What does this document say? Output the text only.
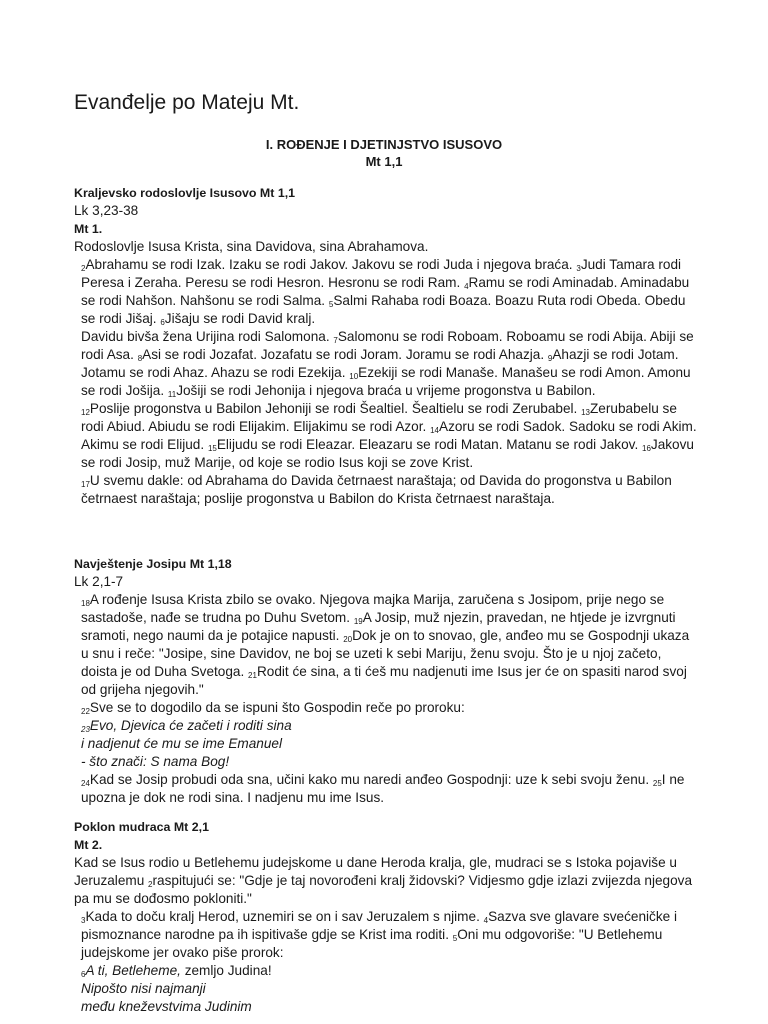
Evanđelje po Mateju Mt.
I. ROĐENJE I DJETINJSTVO ISUSOVO
Mt 1,1

Kraljevsko rodoslovlje Isusovo Mt 1,1

Lk 3,23-38

Mt 1.

Rodoslovlje Isusa Krista, sina Davidova, sina Abrahamova.

$_2$Abrahamu se rodi Izak. Izaku se rodi Jakov. Jakovu se rodi Juda i njegova braća. $_3$Judi Tamara rodi Peresa i Zeraha. Peresu se rodi Hesron. Hesronu se rodi Ram. $_4$Ramu se rodi Aminadab. Aminadabu se rodi Nahšon. Nahšonu se rodi Salma. $_5$Salmi Rahaba rodi Boaza. Boazu Ruta rodi Obeda. Obedu se rodi Jišaj. $_6$Jišaju se rodi David kralj.

Davidu bivša žena Urijina rodi Salomona. $_7$Salomonu se rodi Roboam. Roboamu se rodi Abija. Abiji se rodi Asa. $_8$Asi se rodi Jozafat. Jozafatu se rodi Joram. Joramu se rodi Ahazja. $_9$Ahazji se rodi Jotam. Jotamu se rodi Ahaz. Ahazu se rodi Ezekija. $_{10}$Ezekiji se rodi Manaše. Manašeu se rodi Amon. Amonu se rodi Jošija. $_{11}$Jošiji se rodi Jehonija i njegova braća u vrijeme progonstva u Babilon.

$_{12}$Poslije progonstva u Babilon Jehoniji se rodi Šealtiel. Šealtielu se rodi Zerubabel. $_{13}$Zerubabelu se rodi Abiud. Abiudu se rodi Elijakim. Elijakimu se rodi Azor. $_{14}$Azoru se rodi Sadok. Sadoku se rodi Akim. Akimu se rodi Elijud. $_{15}$Elijudu se rodi Eleazar. Eleazaru se rodi Matan. Matanu se rodi Jakov. $_{16}$Jakovu se rodi Josip, muž Marije, od koje se rodio Isus koji se zove Krist.

$_{17}$U svemu dakle: od Abrahama do Davida četrnaest naraštaja; od Davida do progonstva u Babilon četrnaest naraštaja; poslije progonstva u Babilon do Krista četrnaest naraštaja.

Navještenje Josipu Mt 1,18

Lk 2,1-7

$_{18}$A rođenje Isusa Krista zbilo se ovako. Njegova majka Marija, zaručena s Josipom, prije nego se sastadoše, nađe se trudna po Duhu Svetom. $_{19}$A Josip, muž njezin, pravedan, ne htjede je izvrgnuti sramoti, nego naumi da je potajice napusti. $_{20}$Dok je on to snovao, gle, anđeo mu se Gospodnji ukaza u snu i reče: "Josipe, sine Davidov, ne boj se uzeti k sebi Mariju, ženu svoju. Što je u njoj začeto, doista je od Duha Svetoga. $_{21}$Rodit će sina, a ti ćeš mu nadjenuti ime Isus jer će on spasiti narod svoj od grijeha njegovih."

$_{22}$Sve se to dogodilo da se ispuni što Gospodin reče po proroku:

$_{23}$Evo, Djevica će začeti i roditi sina

i nadjenut će mu se ime Emanuel

- što znači: S nama Bog!

$_{24}$Kad se Josip probudi oda sna, učini kako mu naredi anđeo Gospodnji: uze k sebi svoju ženu. $_{25}$I ne upozna je dok ne rodi sina. I nadjenu mu ime Isus.

Poklon mudraca Mt 2,1

Mt 2.

Kad se Isus rodio u Betlehemu judejskome u dane Heroda kralja, gle, mudraci se s Istoka pojaviše u Jeruzalemu $_2$raspitujući se: "Gdje je taj novorođeni kralj židovski? Vidjesmo gdje izlazi zvijezda njegova pa mu se dođosmo pokloniti."

$_3$Kada to doču kralj Herod, uznemiri se on i sav Jeruzalem s njime. $_4$Sazva sve glavare svećeničke i pismoznance narodne pa ih ispitivaše gdje se Krist ima roditi. $_5$Oni mu odgovoriše: "U Betlehemu judejskome jer ovako piše prorok:

$_6$A ti, Betleheme, zemljo Judina!

Nipošto nisi najmanji

među kneževstvima Judinim
